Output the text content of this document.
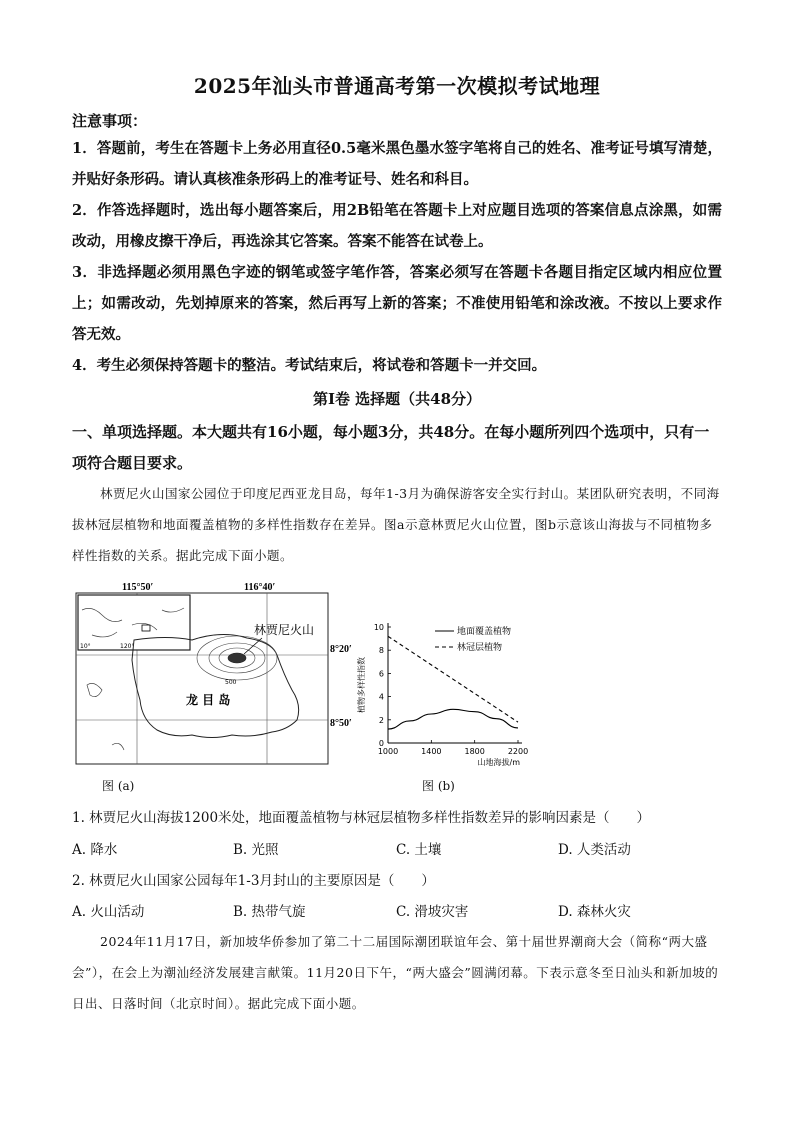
2025年汕头市普通高考第一次模拟考试地理
注意事项：
1．答题前，考生在答题卡上务必用直径0.5毫米黑色墨水签字笔将自己的姓名、准考证号填写清楚，并贴好条形码。请认真核准条形码上的准考证号、姓名和科目。
2．作答选择题时，选出每小题答案后，用2B铅笔在答题卡上对应题目选项的答案信息点涂黑，如需改动，用橡皮擦干净后，再选涂其它答案。答案不能答在试卷上。
3．非选择题必须用黑色字迹的钢笔或签字笔作答，答案必须写在答题卡各题目指定区域内相应位置上；如需改动，先划掉原来的答案，然后再写上新的答案；不准使用铅笔和涂改液。不按以上要求作答无效。
4．考生必须保持答题卡的整洁。考试结束后，将试卷和答题卡一并交回。
第Ⅰ卷 选择题（共48分）
一、单项选择题。本大题共有16小题，每小题3分，共48分。在每小题所列四个选项中，只有一项符合题目要求。
林贾尼火山国家公园位于印度尼西亚龙目岛，每年1-3月为确保游客安全实行封山。某团队研究表明，不同海拔林冠层植物和地面覆盖植物的多样性指数存在差异。图a示意林贾尼火山位置，图b示意该山海拔与不同植物多样性指数的关系。据此完成下面小题。
115°50′	116°40′
10°	120°
500
林贾尼火山
龙 目 岛
8°20′
8°50′
图 (a)
0
2
4
6
8
10
1000	1400	1800	2200
山地海拔/m
植物多样性指数
地面覆盖植物
林冠层植物
图 (b)
1. 林贾尼火山海拔1200米处，地面覆盖植物与林冠层植物多样性指数差异的影响因素是（　　）
A. 降水	B. 光照	C. 土壤	D. 人类活动
2. 林贾尼火山国家公园每年1-3月封山的主要原因是（　　）
A. 火山活动	B. 热带气旋	C. 滑坡灾害	D. 森林火灾
2024年11月17日，新加坡华侨参加了第二十二届国际潮团联谊年会、第十届世界潮商大会（简称“两大盛会”），在会上为潮汕经济发展建言献策。11月20日下午，“两大盛会”圆满闭幕。下表示意冬至日汕头和新加坡的日出、日落时间（北京时间）。据此完成下面小题。
